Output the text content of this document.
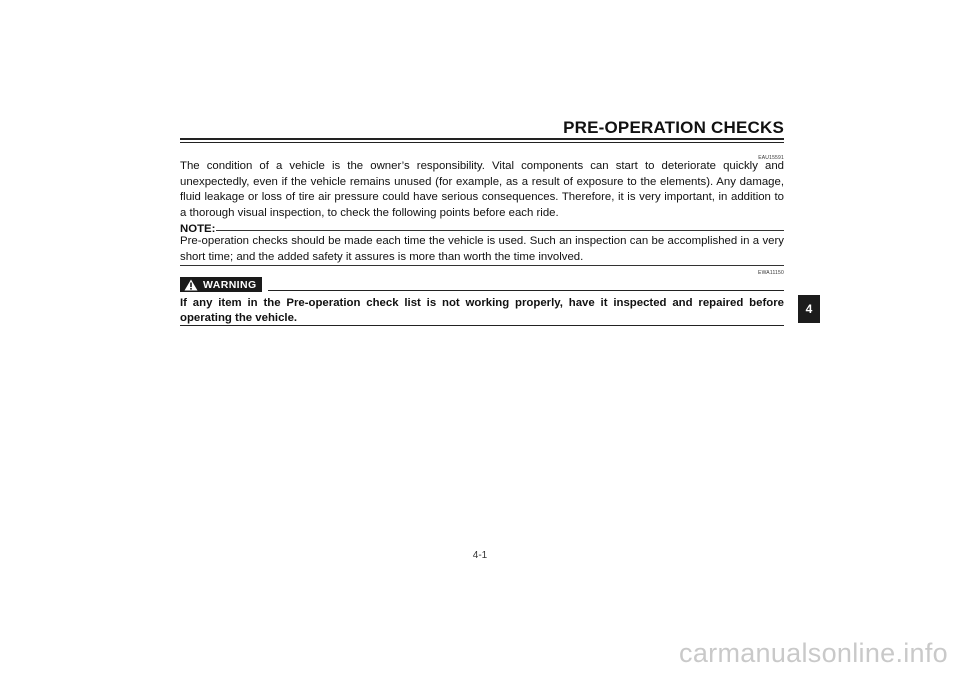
PRE-OPERATION CHECKS
EAU15591
The condition of a vehicle is the owner’s responsibility. Vital components can start to deteriorate quickly and unexpectedly, even if the vehicle remains unused (for example, as a result of exposure to the elements). Any damage, fluid leakage or loss of tire air pressure could have serious consequences. Therefore, it is very important, in addition to a thorough visual inspection, to check the following points before each ride.
NOTE:
Pre-operation checks should be made each time the vehicle is used. Such an inspection can be accomplished in a very short time; and the added safety it assures is more than worth the time involved.
EWA11150
WARNING
If any item in the Pre-operation check list is not working properly, have it inspected and repaired before operating the vehicle.
4
4-1
carmanualsonline.info
